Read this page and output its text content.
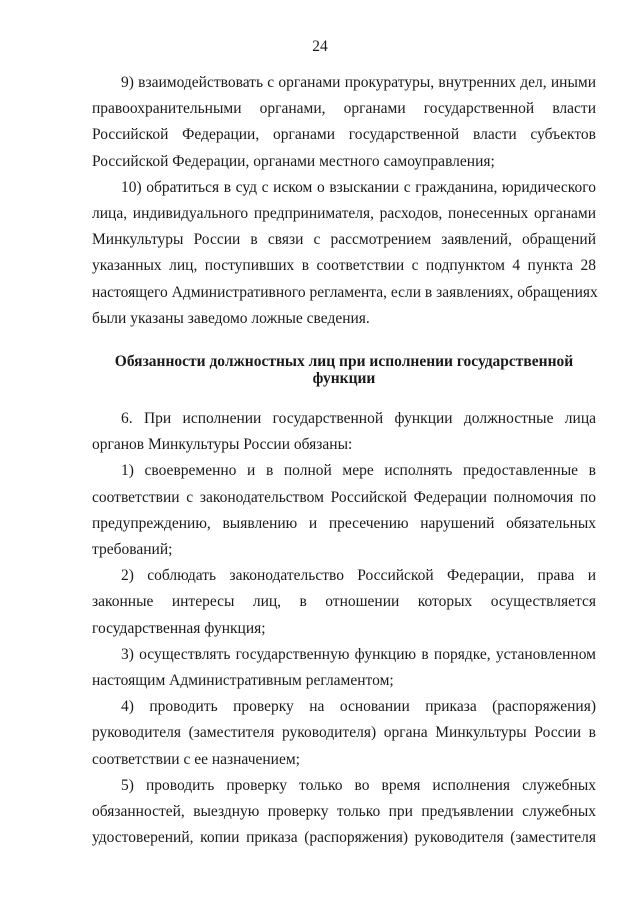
24
9) взаимодействовать с органами прокуратуры, внутренних дел, иными
правоохранительными органами, органами государственной власти
Российской Федерации, органами государственной власти субъектов
Российской Федерации, органами местного самоуправления;
10) обратиться в суд с иском о взыскании с гражданина, юридического
лица, индивидуального предпринимателя, расходов, понесенных органами
Минкультуры России в связи с рассмотрением заявлений, обращений
указанных лиц, поступивших в соответствии с подпунктом 4 пункта 28
настоящего Административного регламента, если в заявлениях, обращениях
были указаны заведомо ложные сведения.
Обязанности должностных лиц при исполнении государственной
функции
6. При исполнении государственной функции должностные лица
органов Минкультуры России обязаны:
1) своевременно и в полной мере исполнять предоставленные в
соответствии с законодательством Российской Федерации полномочия по
предупреждению, выявлению и пресечению нарушений обязательных
требований;
2) соблюдать законодательство Российской Федерации, права и
законные интересы лиц, в отношении которых осуществляется
государственная функция;
3) осуществлять государственную функцию в порядке, установленном
настоящим Административным регламентом;
4) проводить проверку на основании приказа (распоряжения)
руководителя (заместителя руководителя) органа Минкультуры России в
соответствии с ее назначением;
5) проводить проверку только во время исполнения служебных
обязанностей, выездную проверку только при предъявлении служебных
удостоверений, копии приказа (распоряжения) руководителя (заместителя
